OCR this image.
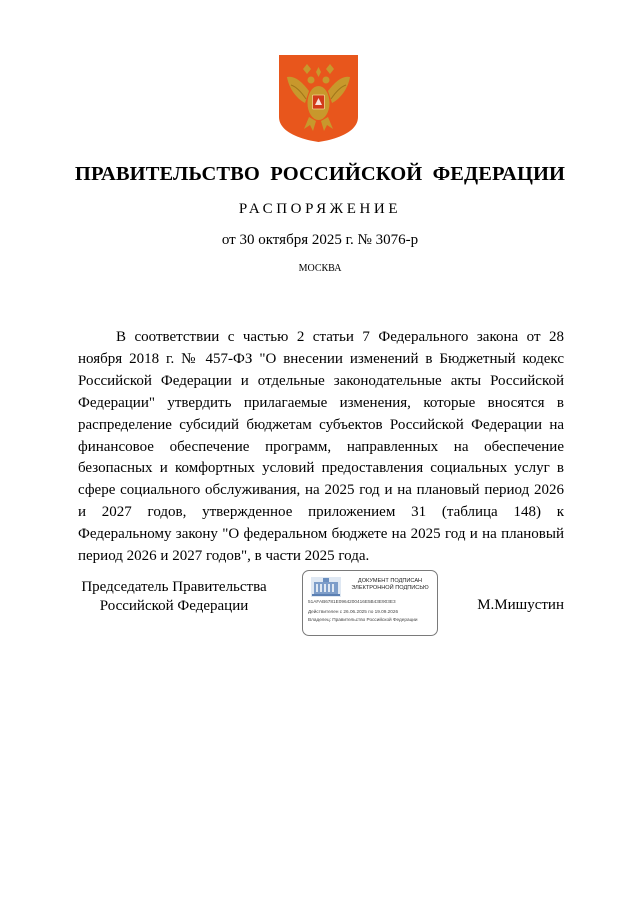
ПРАВИТЕЛЬСТВО РОССИЙСКОЙ ФЕДЕРАЦИИ
РАСПОРЯЖЕНИЕ
от 30 октября 2025 г. № 3076-р
МОСКВА
В соответствии с частью 2 статьи 7 Федерального закона от 28 ноября 2018 г. № 457-ФЗ "О внесении изменений в Бюджетный кодекс Российской Федерации и отдельные законодательные акты Российской Федерации" утвердить прилагаемые изменения, которые вносятся в распределение субсидий бюджетам субъектов Российской Федерации на финансовое обеспечение программ, направленных на обеспечение безопасных и комфортных условий предоставления социальных услуг в сфере социального обслуживания, на 2025 год и на плановый период 2026 и 2027 годов, утвержденное приложением 31 (таблица 148) к Федеральному закону "О федеральном бюджете на 2025 год и на плановый период 2026 и 2027 годов", в части 2025 года.
Председатель Правительства
Российской Федерации
ДОКУМЕНТ ПОДПИСАН
ЭЛЕКТРОННОЙ ПОДПИСЬЮ
51AFAB6781E0964200416E5B43E903E3
Действителен с 26.06.2025 по 19.09.2026
Владелец: Правительство Российской Федерации
М.Мишустин
